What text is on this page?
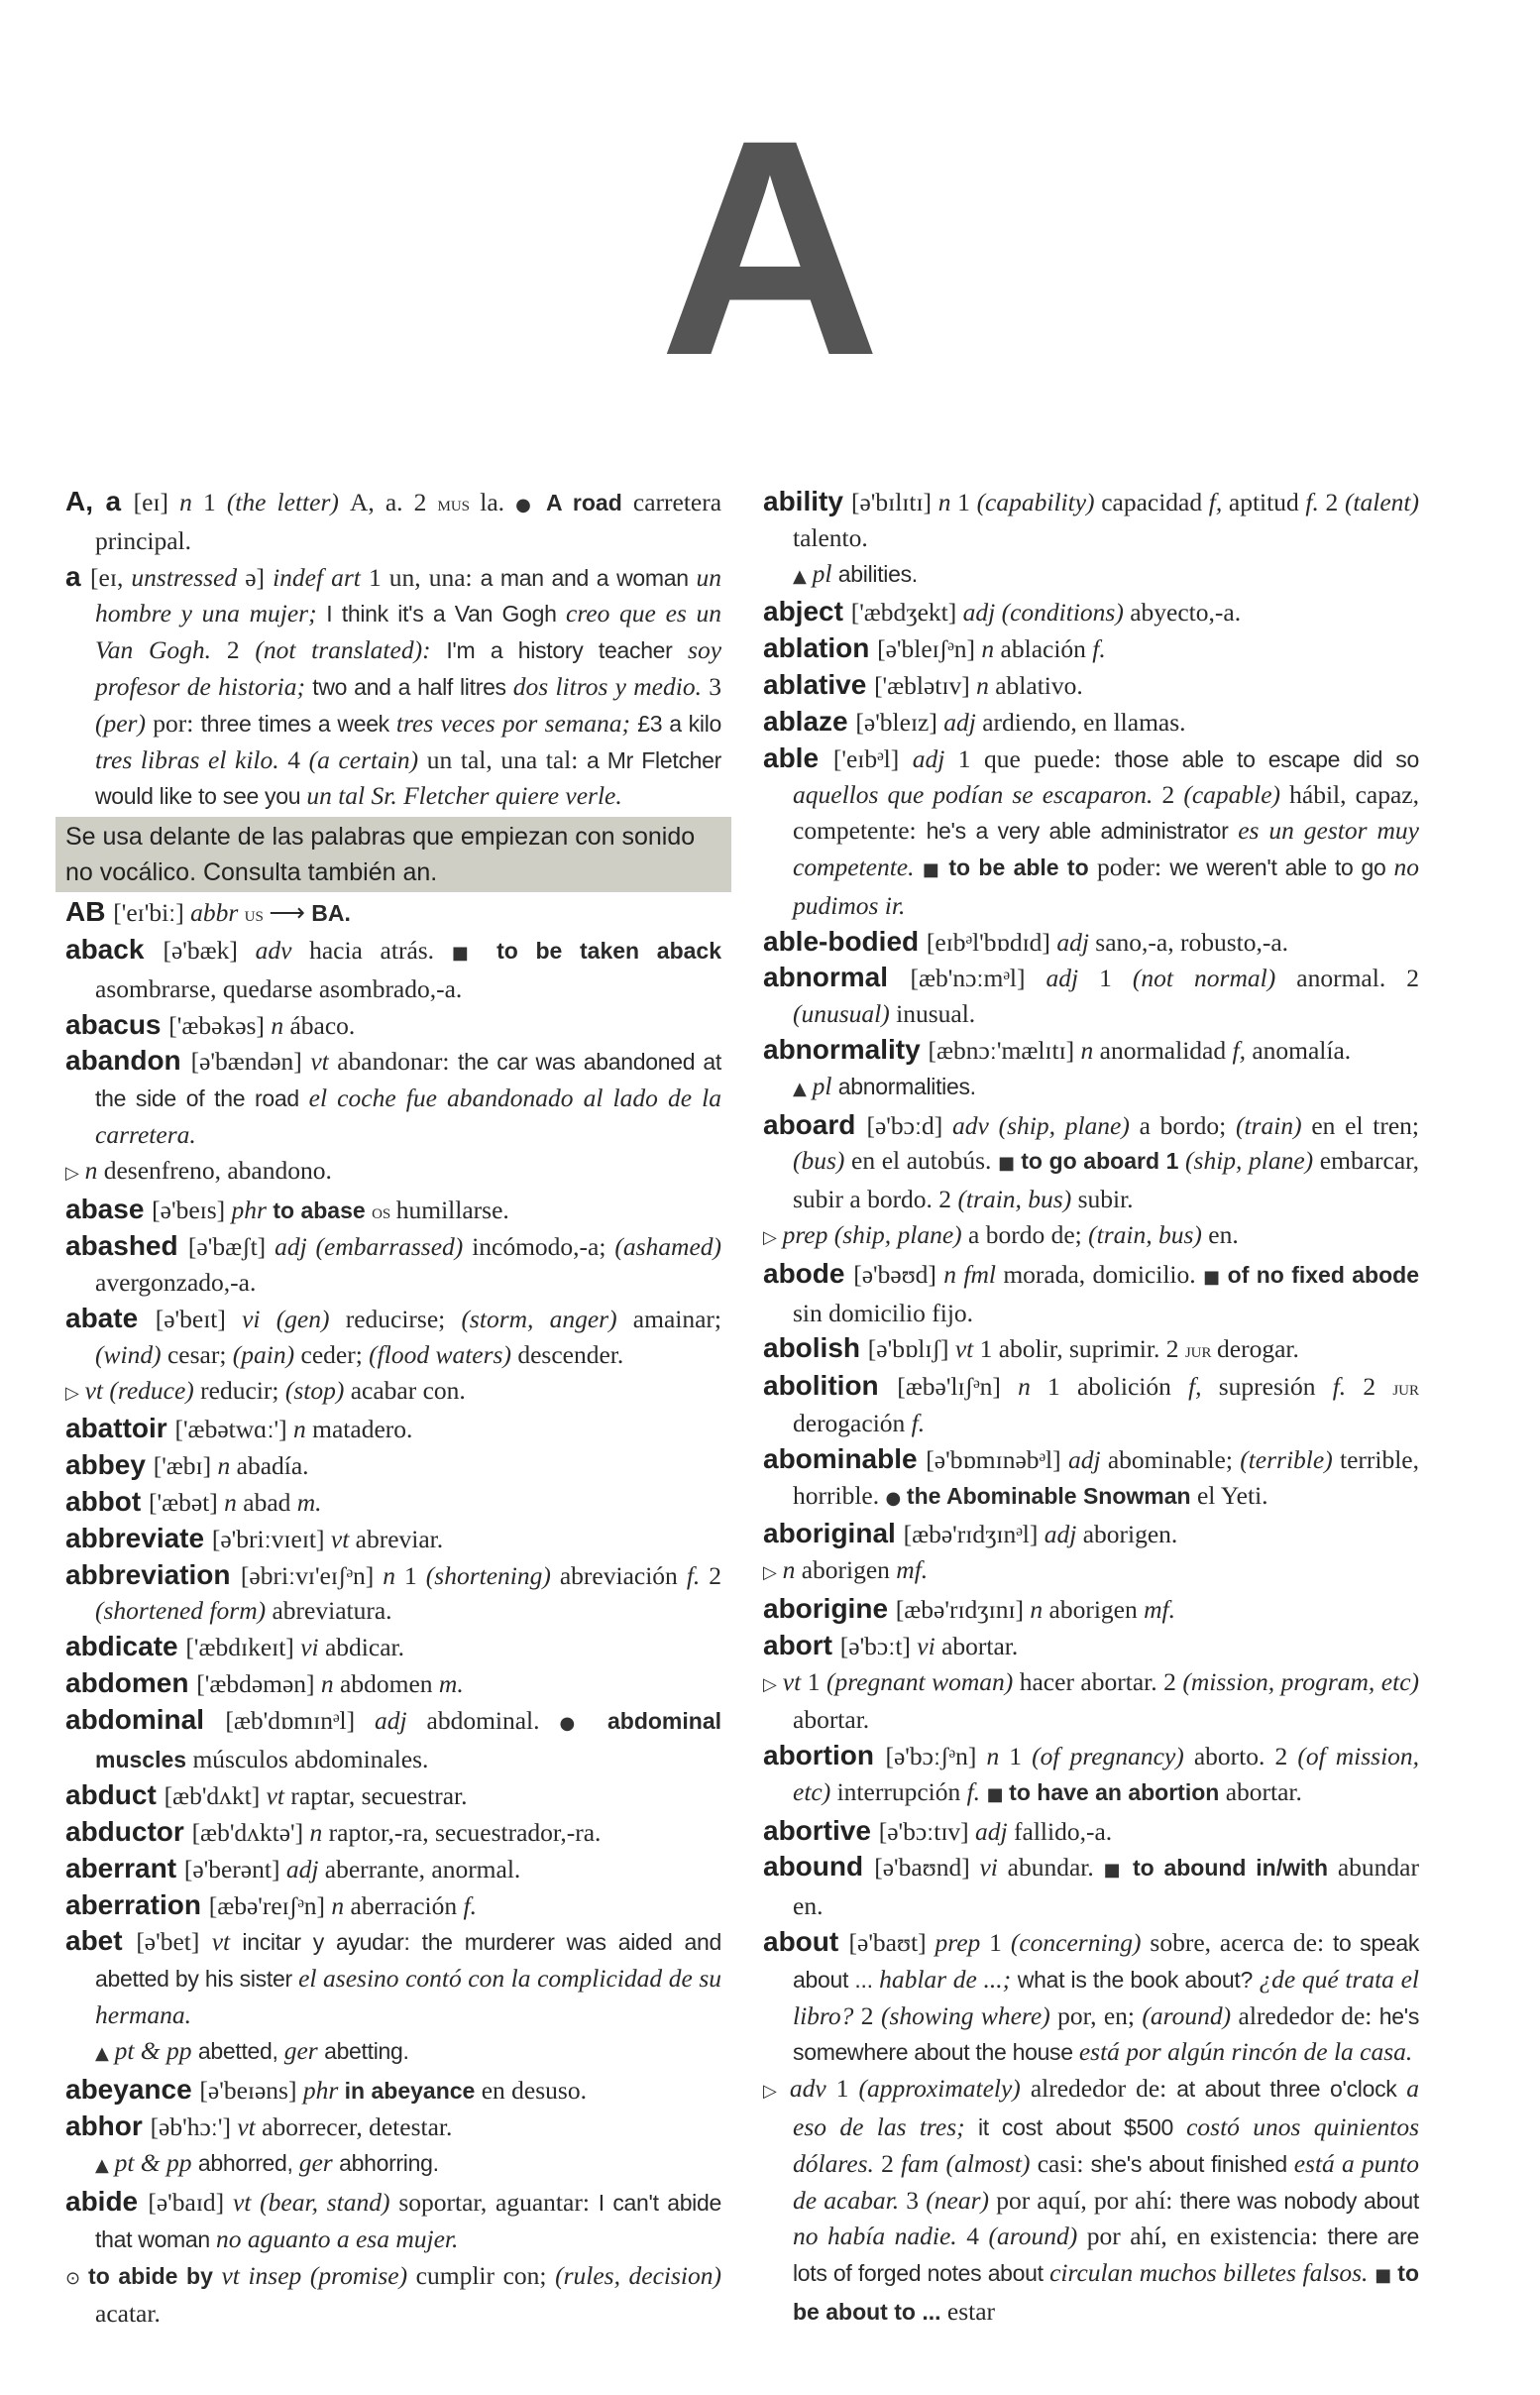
A
A, a [eɪ] n 1 (the letter) A, a. 2 mus la. ● A road carretera principal.
a [eɪ, unstressed ə] indef art 1 un, una: a man and a woman un hombre y una mujer; I think it's a Van Gogh creo que es un Van Gogh. 2 (not translated): I'm a history teacher soy profesor de historia; two and a half litres dos litros y medio. 3 (per) por: three times a week tres veces por semana; £3 a kilo tres libras el kilo. 4 (a certain) un tal, una tal: a Mr Fletcher would like to see you un tal Sr. Fletcher quiere verle.
Se usa delante de las palabras que empiezan con sonido no vocálico. Consulta también an.
AB ['eɪ'biː] abbr us ⟶ BA.
aback [ə'bæk] adv hacia atrás. ■ to be taken aback asombrarse, quedarse asombrado,-a.
abacus ['æbəkəs] n ábaco.
abandon [ə'bændən] vt abandonar: the car was abandoned at the side of the road el coche fue abandonado al lado de la carretera.
▷ n desenfreno, abandono.
abase [ə'beɪs] phr to abase os humillarse.
abashed [ə'bæʃt] adj (embarrassed) incómodo,-a; (ashamed) avergonzado,-a.
abate [ə'beɪt] vi (gen) reducirse; (storm, anger) amainar; (wind) cesar; (pain) ceder; (flood waters) descender.
▷ vt (reduce) reducir; (stop) acabar con.
abattoir ['æbətwɑː'] n matadero.
abbey ['æbɪ] n abadía.
abbot ['æbət] n abad m.
abbreviate [ə'briːvɪeɪt] vt abreviar.
abbreviation [əbriːvɪ'eɪʃᵊn] n 1 (shortening) abreviación f. 2 (shortened form) abreviatura.
abdicate ['æbdɪkeɪt] vi abdicar.
abdomen ['æbdəmən] n abdomen m.
abdominal [æb'dɒmɪnᵊl] adj abdominal. ● abdominal muscles músculos abdominales.
abduct [æb'dʌkt] vt raptar, secuestrar.
abductor [æb'dʌktə'] n raptor,-ra, secuestrador,-ra.
aberrant [ə'berənt] adj aberrante, anormal.
aberration [æbə'reɪʃᵊn] n aberración f.
abet [ə'bet] vt incitar y ayudar: the murderer was aided and abetted by his sister el asesino contó con la complicidad de su hermana.
▲ pt & pp abetted, ger abetting.
abeyance [ə'beɪəns] phr in abeyance en desuso.
abhor [əb'hɔː'] vt aborrecer, detestar.
▲ pt & pp abhorred, ger abhorring.
abide [ə'baɪd] vt (bear, stand) soportar, aguantar: I can't abide that woman no aguanto a esa mujer.
⊙ to abide by vt insep (promise) cumplir con; (rules, decision) acatar.
ability [ə'bɪlɪtɪ] n 1 (capability) capacidad f, aptitud f. 2 (talent) talento.
▲ pl abilities.
abject ['æbdʒekt] adj (conditions) abyecto,-a.
ablation [ə'bleɪʃᵊn] n ablación f.
ablative ['æblətɪv] n ablativo.
ablaze [ə'bleɪz] adj ardiendo, en llamas.
able ['eɪbᵊl] adj 1 que puede: those able to escape did so aquellos que podían se escaparon. 2 (capable) hábil, capaz, competente: he's a very able administrator es un gestor muy competente. ■ to be able to poder: we weren't able to go no pudimos ir.
able-bodied [eɪbᵊl'bɒdɪd] adj sano,-a, robusto,-a.
abnormal [æb'nɔːmᵊl] adj 1 (not normal) anormal. 2 (unusual) inusual.
abnormality [æbnɔː'mælɪtɪ] n anormalidad f, anomalía.
▲ pl abnormalities.
aboard [ə'bɔːd] adv (ship, plane) a bordo; (train) en el tren; (bus) en el autobús. ■ to go aboard 1 (ship, plane) embarcar, subir a bordo. 2 (train, bus) subir.
▷ prep (ship, plane) a bordo de; (train, bus) en.
abode [ə'bəʊd] n fml morada, domicilio. ■ of no fixed abode sin domicilio fijo.
abolish [ə'bɒlɪʃ] vt 1 abolir, suprimir. 2 jur derogar.
abolition [æbə'lɪʃᵊn] n 1 abolición f, supresión f. 2 jur derogación f.
abominable [ə'bɒmɪnəbᵊl] adj abominable; (terrible) terrible, horrible. ● the Abominable Snowman el Yeti.
aboriginal [æbə'rɪdʒɪnᵊl] adj aborigen.
▷ n aborigen mf.
aborigine [æbə'rɪdʒɪnɪ] n aborigen mf.
abort [ə'bɔːt] vi abortar.
▷ vt 1 (pregnant woman) hacer abortar. 2 (mission, program, etc) abortar.
abortion [ə'bɔːʃᵊn] n 1 (of pregnancy) aborto. 2 (of mission, etc) interrupción f. ■ to have an abortion abortar.
abortive [ə'bɔːtɪv] adj fallido,-a.
abound [ə'baʊnd] vi abundar. ■ to abound in/with abundar en.
about [ə'baʊt] prep 1 (concerning) sobre, acerca de: to speak about ... hablar de ...; what is the book about? ¿de qué trata el libro? 2 (showing where) por, en; (around) alrededor de: he's somewhere about the house está por algún rincón de la casa.
▷ adv 1 (approximately) alrededor de: at about three o'clock a eso de las tres; it cost about $500 costó unos quinientos dólares. 2 fam (almost) casi: she's about finished está a punto de acabar. 3 (near) por aquí, por ahí: there was nobody about no había nadie. 4 (around) por ahí, en existencia: there are lots of forged notes about circulan muchos billetes falsos. ■ to be about to ... estar
